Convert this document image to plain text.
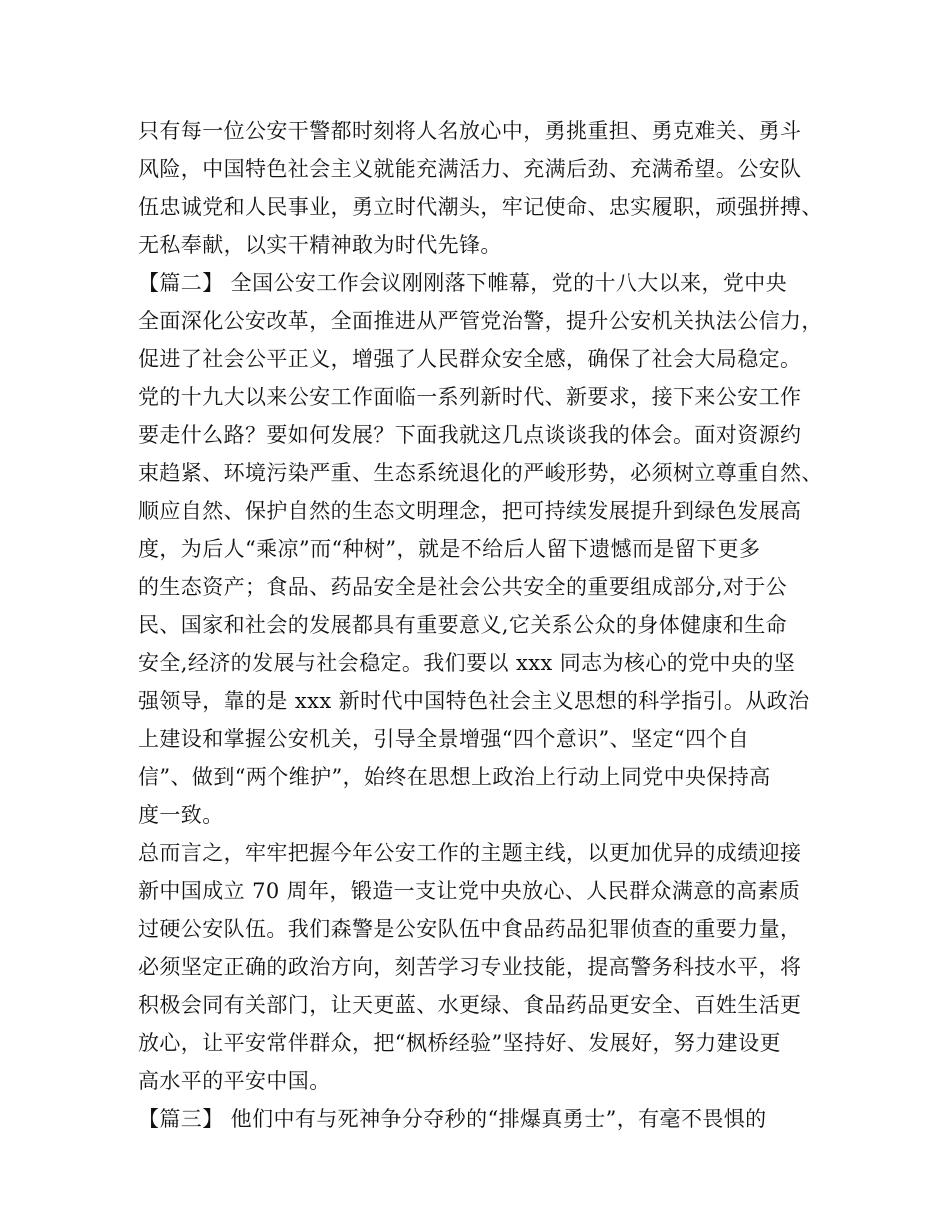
只有每一位公安干警都时刻将人名放心中，勇挑重担、勇克难关、勇斗
风险，中国特色社会主义就能充满活力、充满后劲、充满希望。公安队
伍忠诚党和人民事业，勇立时代潮头，牢记使命、忠实履职，顽强拼搏、
无私奉献，以实干精神敢为时代先锋。
【篇二】 全国公安工作会议刚刚落下帷幕，党的十八大以来，党中央
全面深化公安改革，全面推进从严管党治警，提升公安机关执法公信力，
促进了社会公平正义，增强了人民群众安全感，确保了社会大局稳定。
党的十九大以来公安工作面临一系列新时代、新要求，接下来公安工作
要走什么路？要如何发展？下面我就这几点谈谈我的体会。面对资源约
束趋紧、环境污染严重、生态系统退化的严峻形势，必须树立尊重自然、
顺应自然、保护自然的生态文明理念，把可持续发展提升到绿色发展高
度，为后人“乘凉”而“种树”，就是不给后人留下遗憾而是留下更多
的生态资产；食品、药品安全是社会公共安全的重要组成部分,对于公
民、国家和社会的发展都具有重要意义,它关系公众的身体健康和生命
安全,经济的发展与社会稳定。我们要以 xxx 同志为核心的党中央的坚
强领导，靠的是 xxx 新时代中国特色社会主义思想的科学指引。从政治
上建设和掌握公安机关，引导全景增强“四个意识”、坚定“四个自
信”、做到“两个维护”，始终在思想上政治上行动上同党中央保持高
度一致。
总而言之，牢牢把握今年公安工作的主题主线，以更加优异的成绩迎接
新中国成立 70 周年，锻造一支让党中央放心、人民群众满意的高素质
过硬公安队伍。我们森警是公安队伍中食品药品犯罪侦查的重要力量，
必须坚定正确的政治方向，刻苦学习专业技能，提高警务科技水平，将
积极会同有关部门，让天更蓝、水更绿、食品药品更安全、百姓生活更
放心，让平安常伴群众，把“枫桥经验”坚持好、发展好，努力建设更
高水平的平安中国。
【篇三】 他们中有与死神争分夺秒的“排爆真勇士”，有毫不畏惧的
